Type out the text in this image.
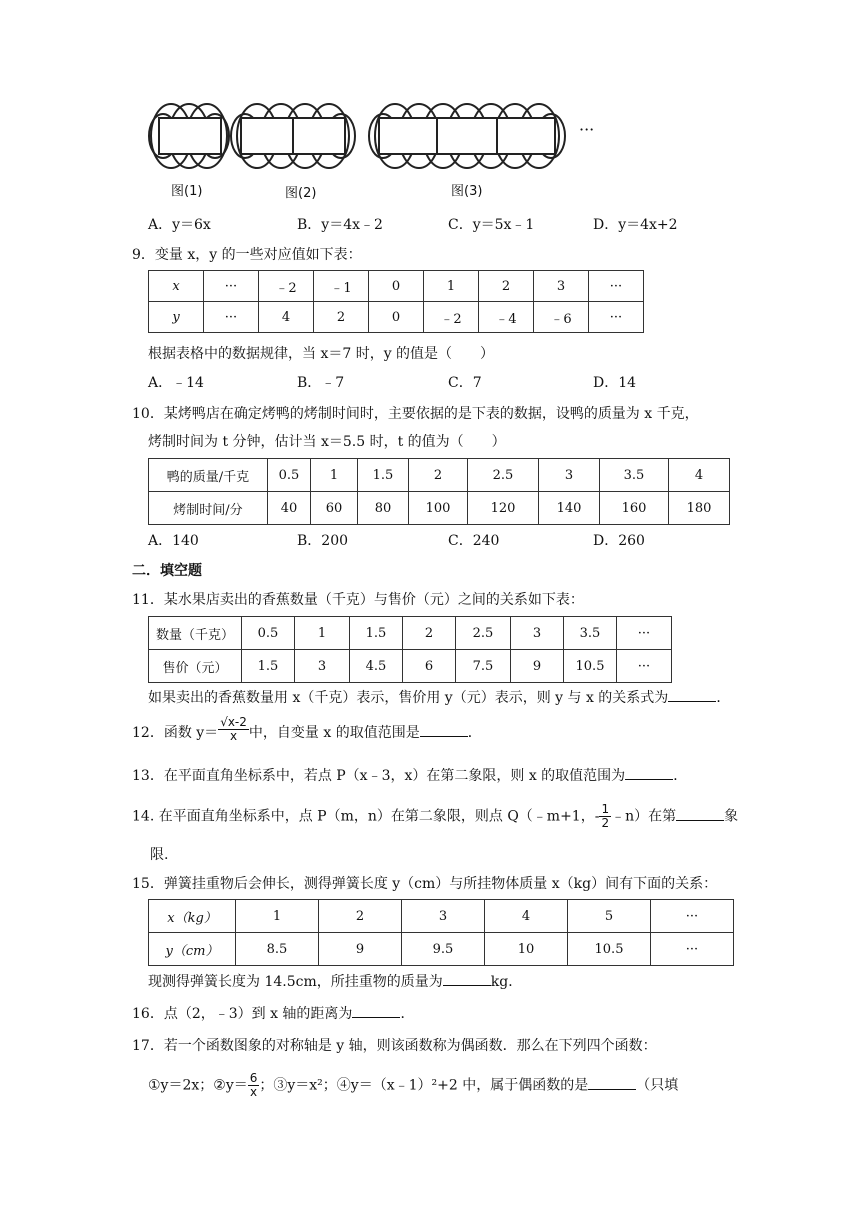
图(1)	图(2)	图(3)
···
A．y＝6x	B．y＝4x﹣2	C．y＝5x﹣1	D．y＝4x+2
9．变量 x，y 的一些对应值如下表：
x	···	﹣2	﹣1	0	1	2	3	···
y	···	4	2	0	﹣2	﹣4	﹣6	···
根据表格中的数据规律，当 x＝7 时，y 的值是（　　）
A．﹣14	B．﹣7	C．7	D．14
10．某烤鸭店在确定烤鸭的烤制时间时，主要依据的是下表的数据，设鸭的质量为 x 千克，
烤制时间为 t 分钟，估计当 x＝5.5 时，t 的值为（　　）
鸭的质量/千克	0.5	1	1.5	2	2.5	3	3.5	4
烤制时间/分	40	60	80	100	120	140	160	180
A．140	B．200	C．240	D．260
二．填空题
11．某水果店卖出的香蕉数量（千克）与售价（元）之间的关系如下表：
数量（千克）	0.5	1	1.5	2	2.5	3	3.5	···
售价（元）	1.5	3	4.5	6	7.5	9	10.5	···
如果卖出的香蕉数量用 x（千克）表示，售价用 y（元）表示，则 y 与 x 的关系式为	．
12．函数 $y= \frac{√x-2}{x}$ 中，自变量 x 的取值范围是	．
13．在平面直角坐标系中，若点 P（x﹣3，x）在第二象限，则 x 的取值范围为	．
14. 在平面直角坐标系中，点 P（m，n）在第二象限，则点 Q（﹣m+1，- $\frac{1}{2}$ ﹣n）在第	象
限.
15．弹簧挂重物后会伸长，测得弹簧长度 y（cm）与所挂物体质量 x（kg）间有下面的关系：
x（kg）	1	2	3	4	5	···
y（cm）	8.5	9	9.5	10	10.5	···
现测得弹簧长度为 14.5cm，所挂重物的质量为	kg．
16．点（2，﹣3）到 x 轴的距离为	．
17．若一个函数图象的对称轴是 y 轴，则该函数称为偶函数．那么在下列四个函数：
①y＝2x；②y＝ $\frac{6}{x}$ ；③y＝x²；④y＝（x﹣1）²+2 中，属于偶函数的是	（只填
